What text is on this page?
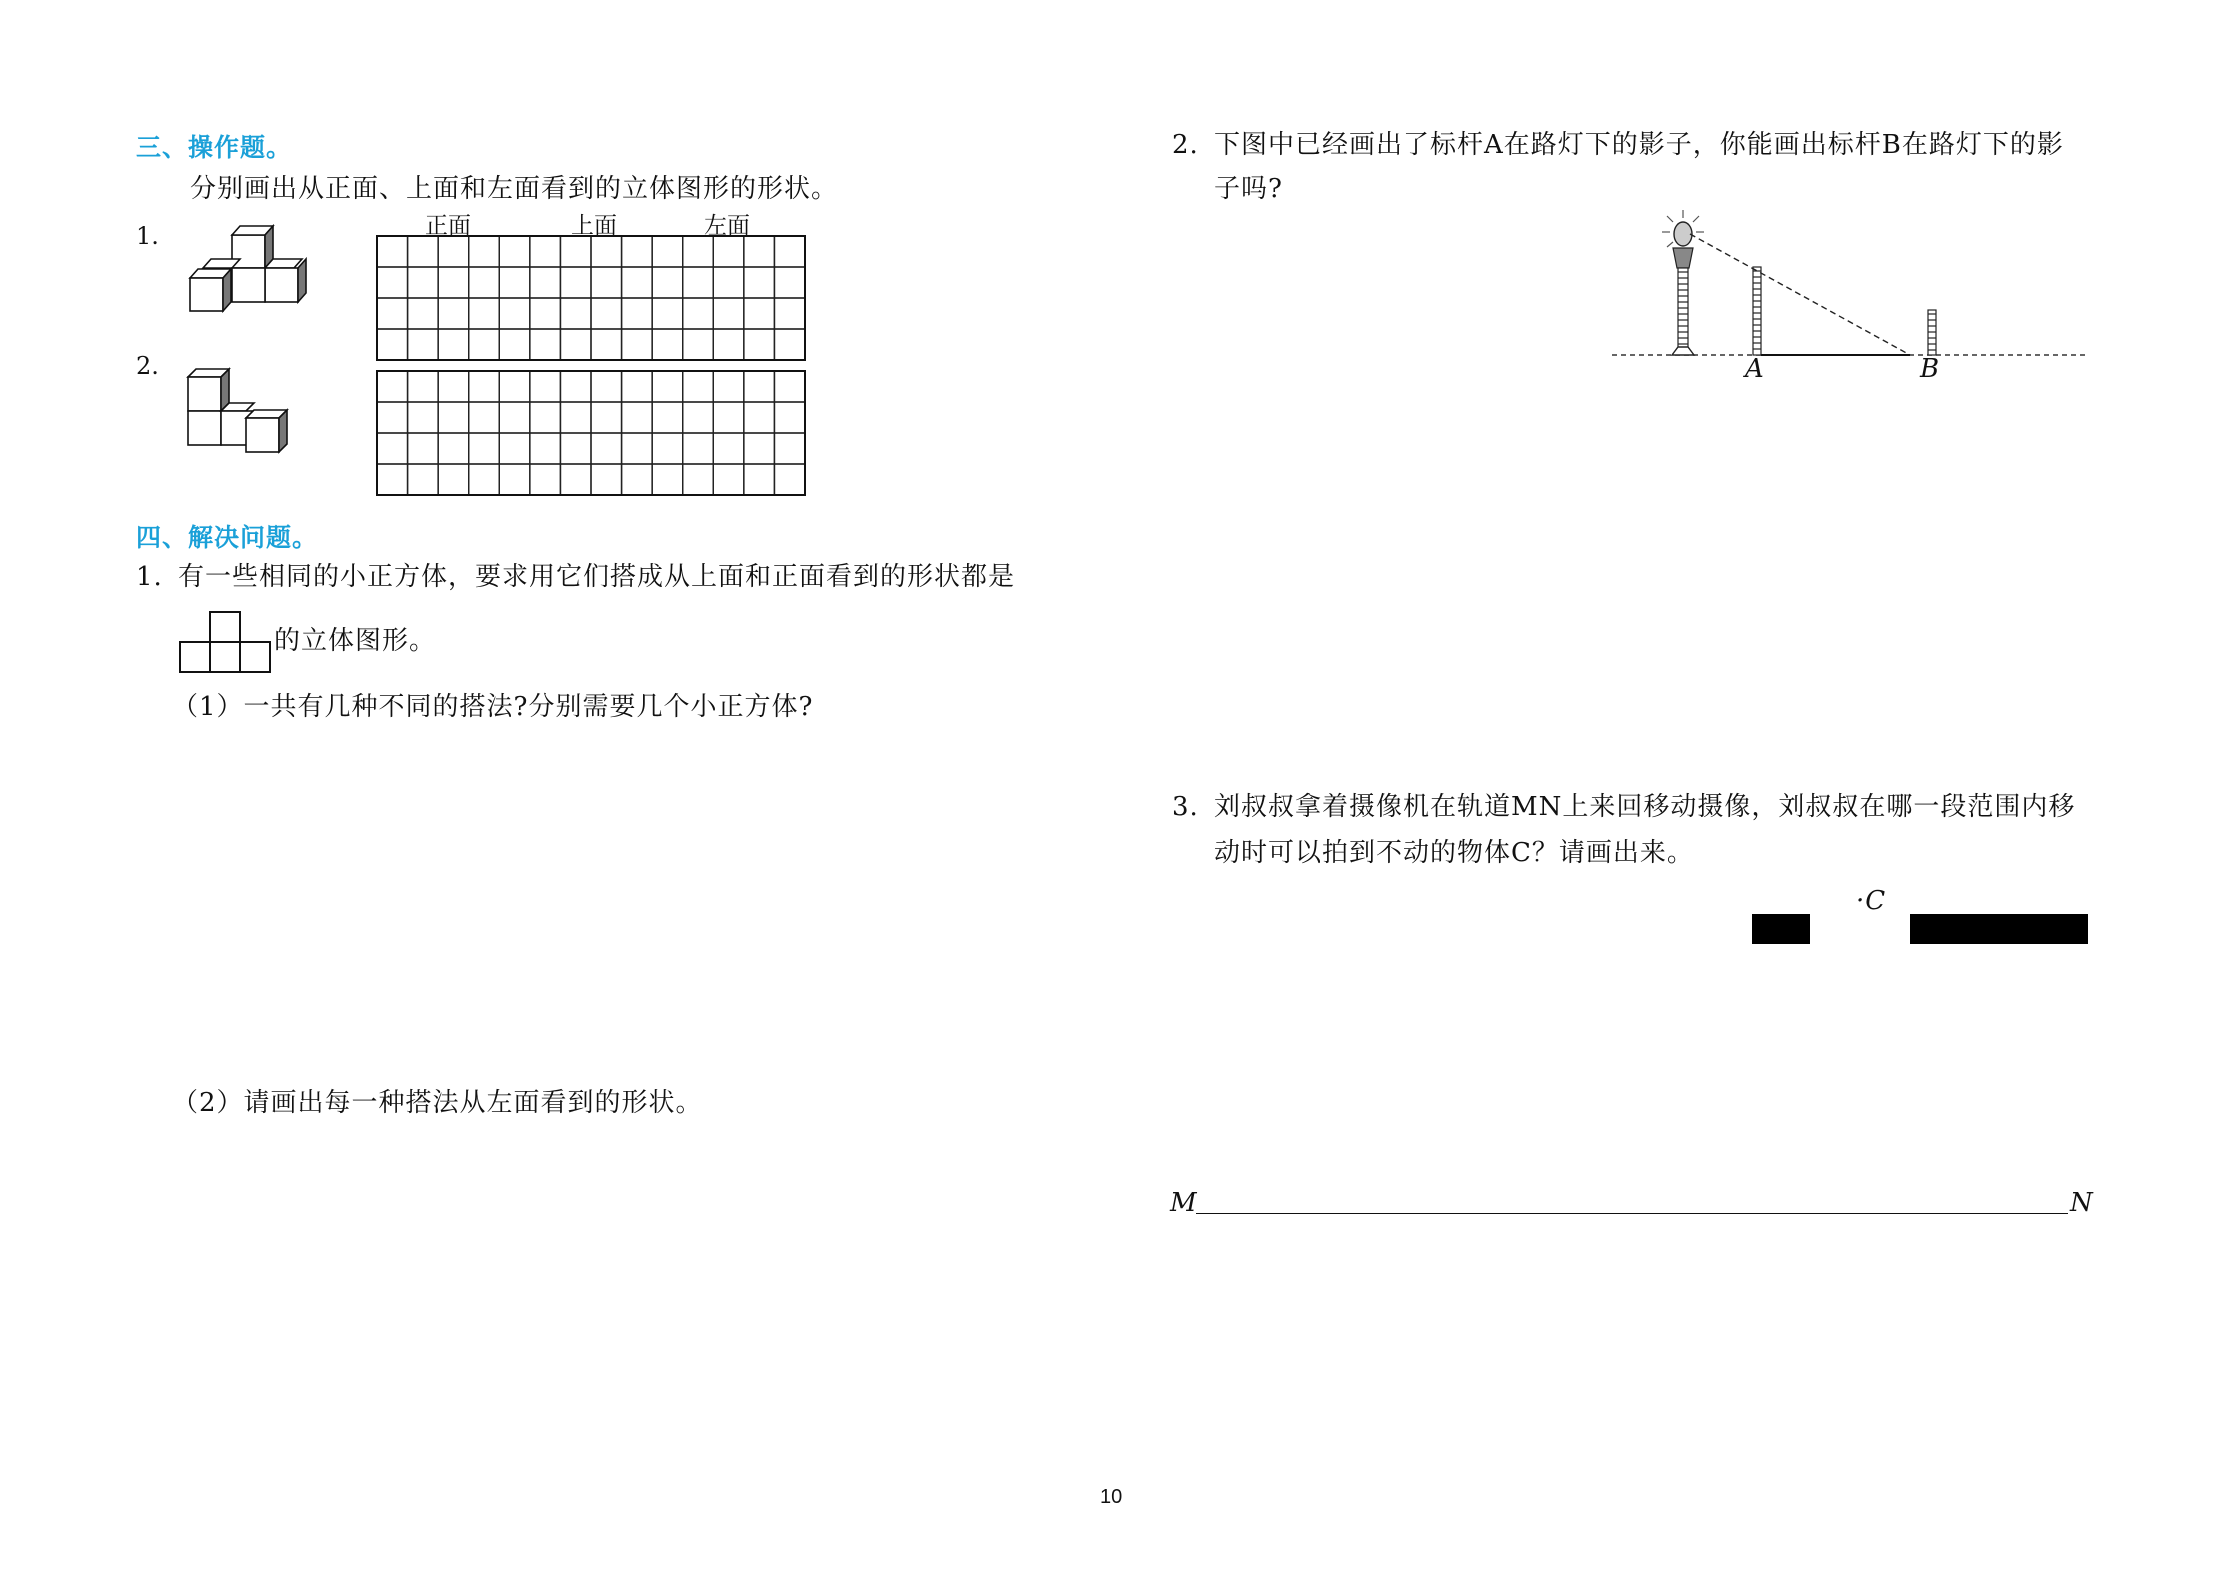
三、操作题。
分别画出从正面、上面和左面看到的立体图形的形状。
1.
2.
正面	上面	左面
四、解决问题。
1. 有一些相同的小正方体，要求用它们搭成从上面和正面看到的形状都是
的立体图形。
（1）一共有几种不同的搭法?分别需要几个小正方体?
（2）请画出每一种搭法从左面看到的形状。
2. 下图中已经画出了标杆A在路灯下的影子，你能画出标杆B在路灯下的影
子吗?
A	B
3. 刘叔叔拿着摄像机在轨道MN上来回移动摄像，刘叔叔在哪一段范围内移
动时可以拍到不动的物体C？请画出来。
·C
M	N
10
